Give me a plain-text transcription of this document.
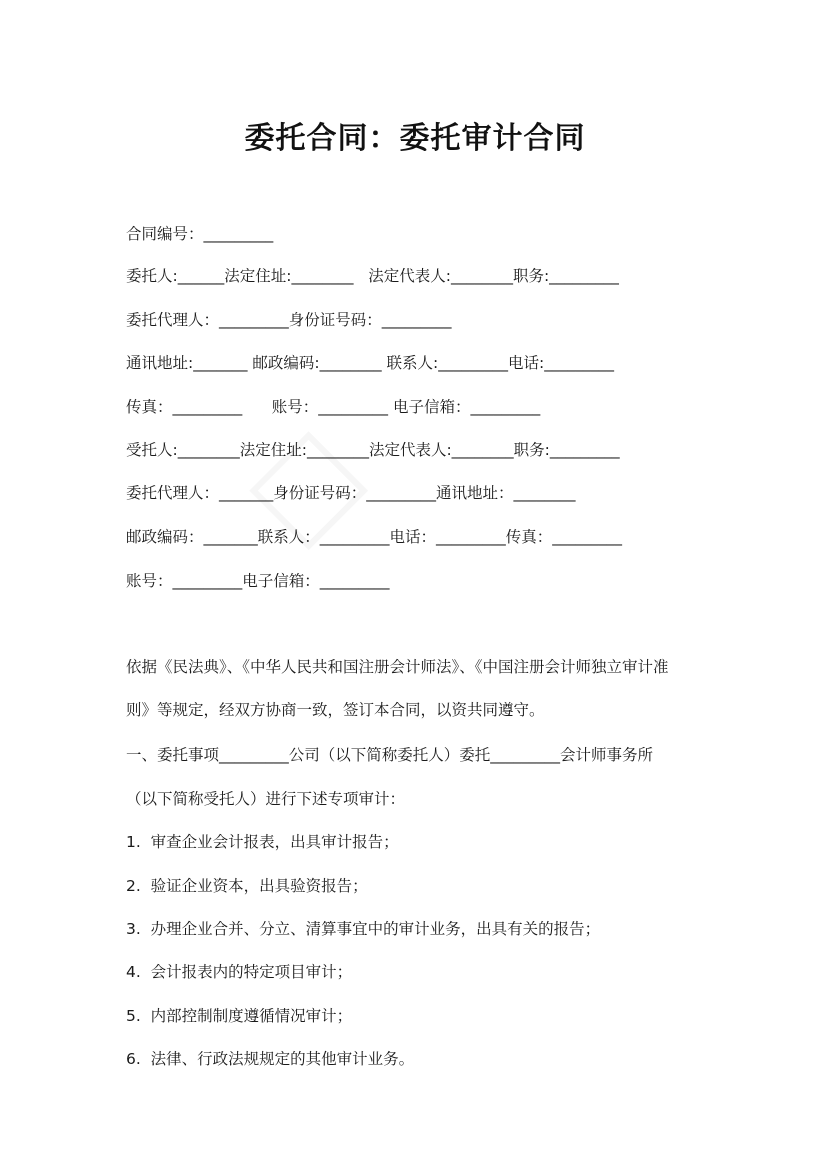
委托合同：委托审计合同
合同编号：_________
委托人:______法定住址:________   法定代表人:________职务:_________
委托代理人：_________身份证号码：_________
通讯地址:_______ 邮政编码:________ 联系人:_________电话:_________
传真：_________      账号：_________ 电子信箱：_________
受托人:________法定住址:________法定代表人:________职务:_________
委托代理人：_______身份证号码：_________通讯地址：________
邮政编码：_______联系人：_________电话：_________传真：_________
账号：_________电子信箱：_________
依据《民法典》、《中华人民共和国注册会计师法》、《中国注册会计师独立审计准
则》等规定，经双方协商一致，签订本合同，以资共同遵守。
一、委托事项_________公司（以下简称委托人）委托_________会计师事务所
（以下简称受托人）进行下述专项审计：
1.  审查企业会计报表，出具审计报告；
2.  验证企业资本，出具验资报告；
3.  办理企业合并、分立、清算事宜中的审计业务，出具有关的报告；
4.  会计报表内的特定项目审计；
5.  内部控制制度遵循情况审计；
6.  法律、行政法规规定的其他审计业务。
